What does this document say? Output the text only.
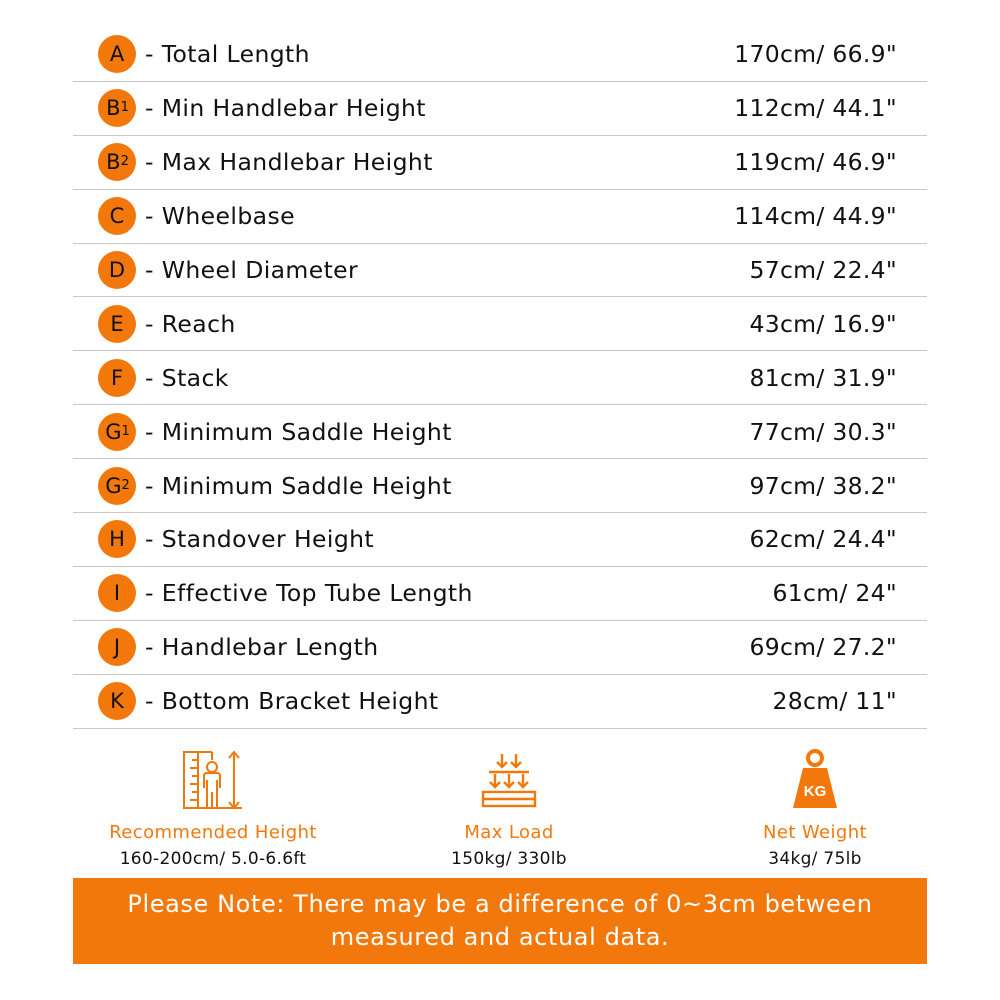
A - Total Length	170cm/ 66.9"
B 1 - Min Handlebar Height	112cm/ 44.1"
B 2 - Max Handlebar Height	119cm/ 46.9"
C - Wheelbase	114cm/ 44.9"
D - Wheel Diameter	57cm/ 22.4"
E - Reach	43cm/ 16.9"
F - Stack	81cm/ 31.9"
G 1 - Minimum Saddle Height	77cm/ 30.3"
G 2 - Minimum Saddle Height	97cm/ 38.2"
H - Standover Height	62cm/ 24.4"
I - Effective Top Tube Length	61cm/ 24"
J - Handlebar Length	69cm/ 27.2"
K - Bottom Bracket Height	28cm/ 11"
Recommended Height
160-200cm/ 5.0-6.6ft
Max Load
150kg/ 330lb
KG
Net Weight
34kg/ 75lb
Please Note: There may be a difference of 0~3cm between measured and actual data.
